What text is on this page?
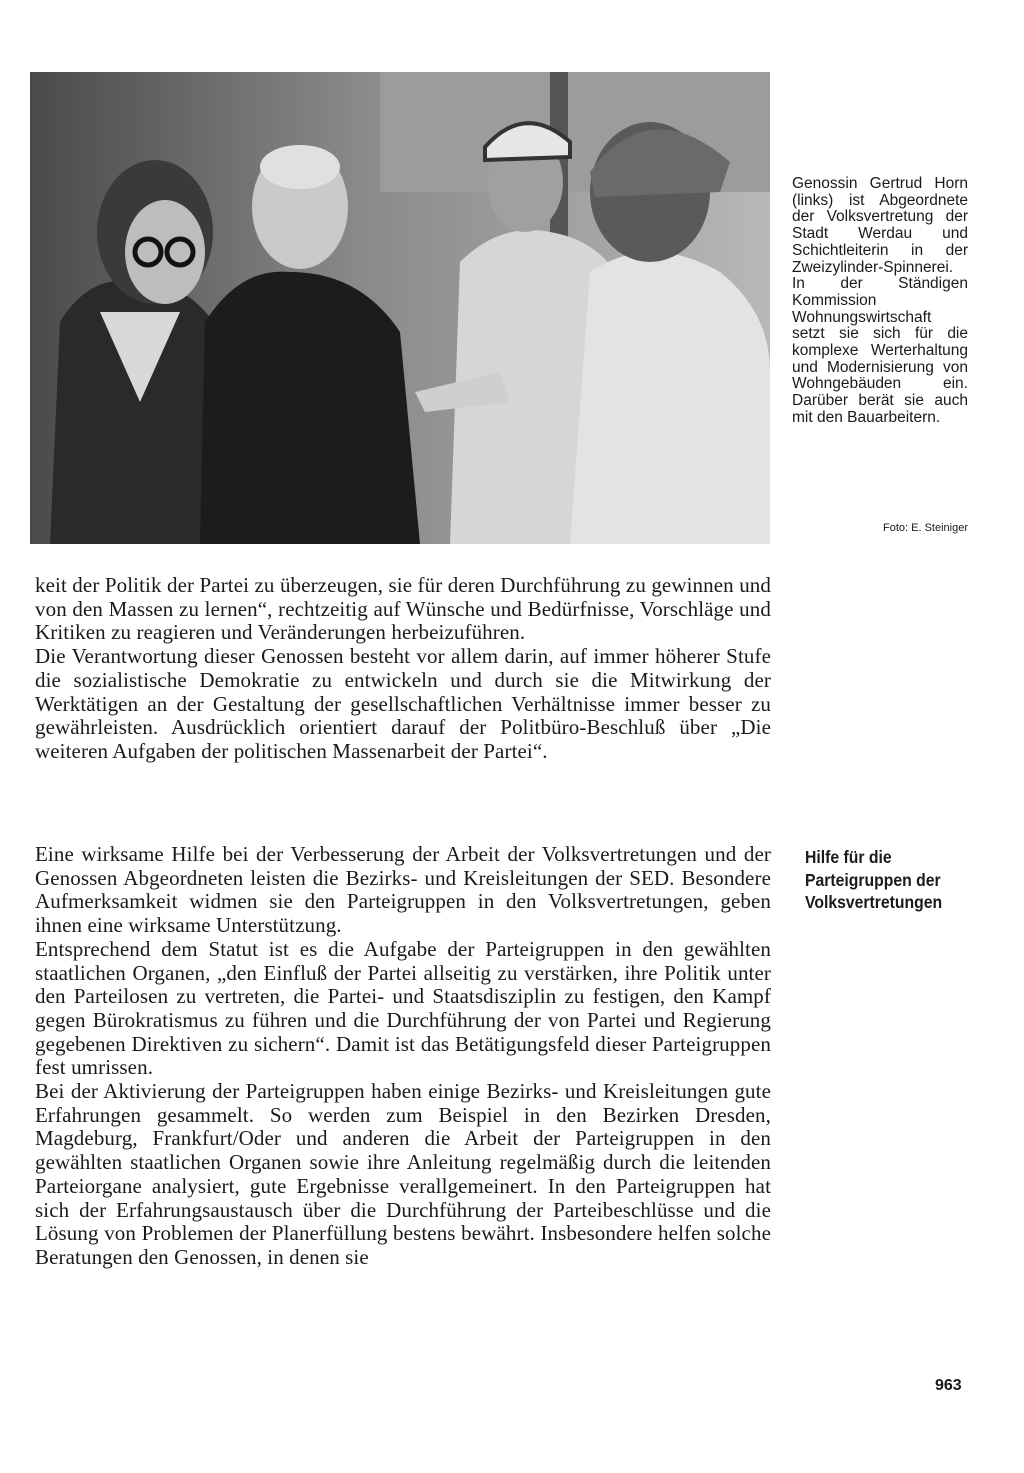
Genossin Gertrud Horn (links) ist Abgeordnete der Volksvertretung der Stadt Werdau und Schichtleiterin in der Zweizylinder-Spinnerei. In der Ständigen Kommission Wohnungswirtschaft setzt sie sich für die komplexe Werterhaltung und Modernisierung von Wohngebäuden ein. Darüber berät sie auch mit den Bauarbeitern.

Foto: E. Steiniger

keit der Politik der Partei zu überzeugen, sie für deren Durchführung zu gewinnen und von den Massen zu lernen“, rechtzeitig auf Wünsche und Bedürfnisse, Vorschläge und Kritiken zu reagieren und Veränderungen herbeizuführen.

Die Verantwortung dieser Genossen besteht vor allem darin, auf immer höherer Stufe die sozialistische Demokratie zu entwickeln und durch sie die Mitwirkung der Werktätigen an der Gestaltung der gesellschaftlichen Verhältnisse immer besser zu gewährleisten. Ausdrücklich orientiert darauf der Politbüro-Beschluß über „Die weiteren Aufgaben der politischen Massenarbeit der Partei“.

Hilfe für die
Parteigruppen der
Volksvertretungen

Eine wirksame Hilfe bei der Verbesserung der Arbeit der Volksvertretungen und der Genossen Abgeordneten leisten die Bezirks- und Kreisleitungen der SED. Besondere Aufmerksamkeit widmen sie den Parteigruppen in den Volksvertretungen, geben ihnen eine wirksame Unterstützung.

Entsprechend dem Statut ist es die Aufgabe der Parteigruppen in den gewählten staatlichen Organen, „den Einfluß der Partei allseitig zu verstärken, ihre Politik unter den Parteilosen zu vertreten, die Partei- und Staatsdisziplin zu festigen, den Kampf gegen Bürokratismus zu führen und die Durchführung der von Partei und Regierung gegebenen Direktiven zu sichern“. Damit ist das Betätigungsfeld dieser Parteigruppen fest umrissen.

Bei der Aktivierung der Parteigruppen haben einige Bezirks- und Kreisleitungen gute Erfahrungen gesammelt. So werden zum Beispiel in den Bezirken Dresden, Magdeburg, Frankfurt/Oder und anderen die Arbeit der Parteigruppen in den gewählten staatlichen Organen sowie ihre Anleitung regelmäßig durch die leitenden Parteiorgane analysiert, gute Ergebnisse verallgemeinert. In den Parteigruppen hat sich der Erfahrungsaustausch über die Durchführung der Parteibeschlüsse und die Lösung von Problemen der Planerfüllung bestens bewährt. Insbesondere helfen solche Beratungen den Genossen, in denen sie

963
